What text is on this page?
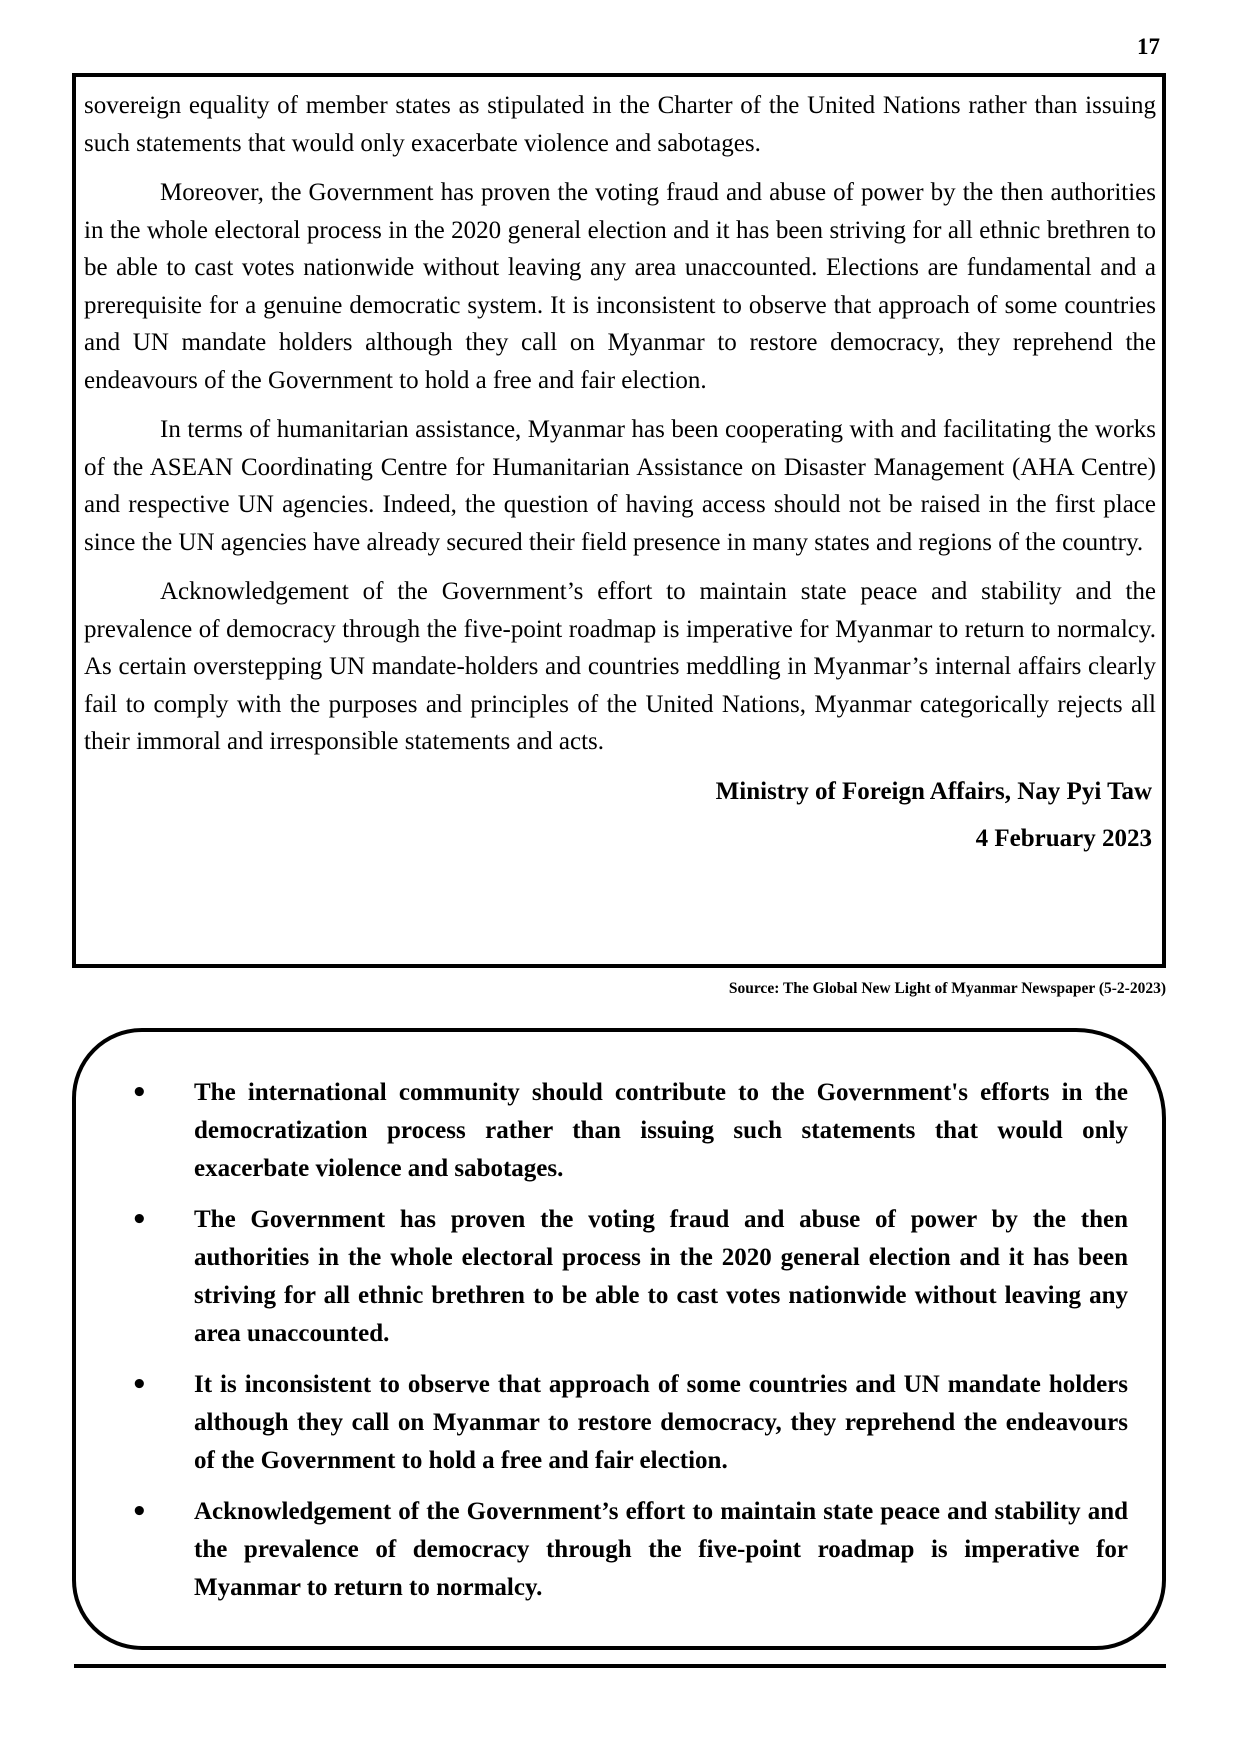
17

sovereign equality of member states as stipulated in the Charter of the United Nations rather than issuing such statements that would only exacerbate violence and sabotages.

Moreover, the Government has proven the voting fraud and abuse of power by the then authorities in the whole electoral process in the 2020 general election and it has been striving for all ethnic brethren to be able to cast votes nationwide without leaving any area unaccounted. Elections are fundamental and a prerequisite for a genuine democratic system. It is inconsistent to observe that approach of some countries and UN mandate holders although they call on Myanmar to restore democracy, they reprehend the endeavours of the Government to hold a free and fair election.

In terms of humanitarian assistance, Myanmar has been cooperating with and facilitating the works of the ASEAN Coordinating Centre for Humanitarian Assistance on Disaster Management (AHA Centre) and respective UN agencies. Indeed, the question of having access should not be raised in the first place since the UN agencies have already secured their field presence in many states and regions of the country.

Acknowledgement of the Government’s effort to maintain state peace and stability and the prevalence of democracy through the five-point roadmap is imperative for Myanmar to return to normalcy. As certain overstepping UN mandate-holders and countries meddling in Myanmar’s internal affairs clearly fail to comply with the purposes and principles of the United Nations, Myanmar categorically rejects all their immoral and irresponsible statements and acts.

Ministry of Foreign Affairs, Nay Pyi Taw
4 February 2023
Source: The Global New Light of Myanmar Newspaper (5-2-2023)
• The international community should contribute to the Government's efforts in the democratization process rather than issuing such statements that would only exacerbate violence and sabotages.
• The Government has proven the voting fraud and abuse of power by the then authorities in the whole electoral process in the 2020 general election and it has been striving for all ethnic brethren to be able to cast votes nationwide without leaving any area unaccounted.
• It is inconsistent to observe that approach of some countries and UN mandate holders although they call on Myanmar to restore democracy, they reprehend the endeavours of the Government to hold a free and fair election.
• Acknowledgement of the Government’s effort to maintain state peace and stability and the prevalence of democracy through the five-point roadmap is imperative for Myanmar to return to normalcy.
